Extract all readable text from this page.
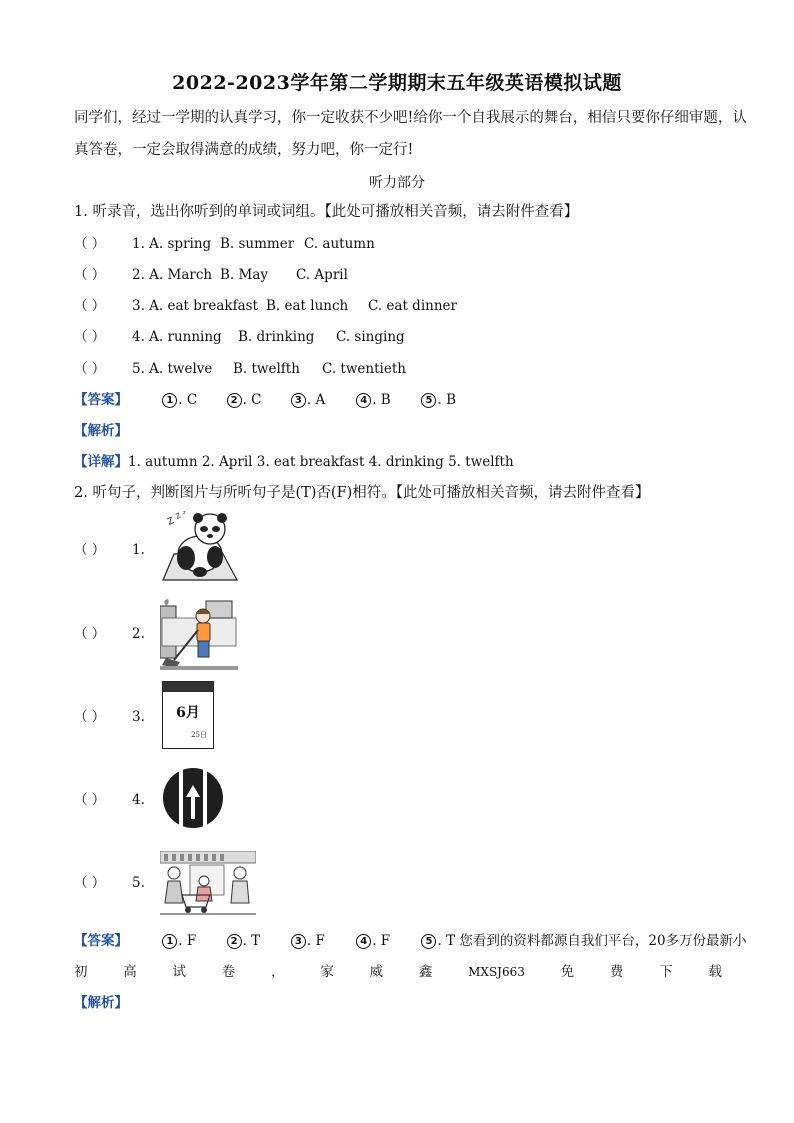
2022-2023学年第二学期期末五年级英语模拟试题
同学们，经过一学期的认真学习，你一定收获不少吧!给你一个自我展示的舞台，相信只要你仔细审题，认
真答卷，一定会取得满意的成绩，努力吧，你一定行!
听力部分
1. 听录音，选出你听到的单词或词组。【此处可播放相关音频，请去附件查看】
（ ） 1. A. spring B. summer C. autumn
（ ） 2. A. March B. May C. April
（ ） 3. A. eat breakfast B. eat lunch C. eat dinner
（ ） 4. A. running B. drinking C. singing
（ ） 5. A. twelve B. twelfth C. twentieth
【答案】	1 . C	2 . C	3 . A	4 . B	5 . B
【解析】
【详解】1. autumn 2. April 3. eat breakfast 4. drinking 5. twelfth
2. 听句子，判断图片与所听句子是(T)否(F)相符。【此处可播放相关音频，请去附件查看】
（ ） 1.
Z
Z z
（ ） 2.
（ ） 3.	6月
25日
（ ） 4.
（ ） 5.
【答案】	1 . F	2 . T	3 . F	4 . F	5 . T 您看到的资料都源自我们平台，20多万份最新小
初	高	试	卷	，	家	威	鑫	MXSJ663	免	费	下	载
【解析】
